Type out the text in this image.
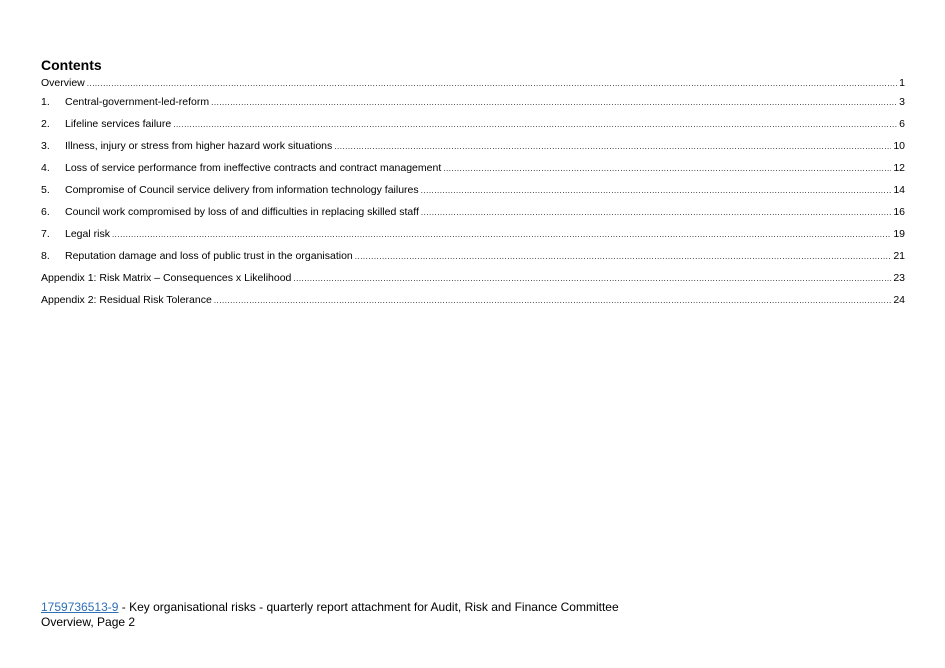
Contents
Overview .....	1
1.	Central-government-led-reform .....	3
2.	Lifeline services failure .....	6
3.	Illness, injury or stress from higher hazard work situations .....	10
4.	Loss of service performance from ineffective contracts and contract management .....	12
5.	Compromise of Council service delivery from information technology failures .....	14
6.	Council work compromised by loss of and difficulties in replacing skilled staff .....	16
7.	Legal risk .....	19
8.	Reputation damage and loss of public trust in the organisation .....	21
Appendix 1: Risk Matrix – Consequences x Likelihood .....	23
Appendix 2: Residual Risk Tolerance .....	24
1759736513-9 - Key organisational risks - quarterly report attachment for Audit, Risk and Finance Committee
Overview, Page 2
